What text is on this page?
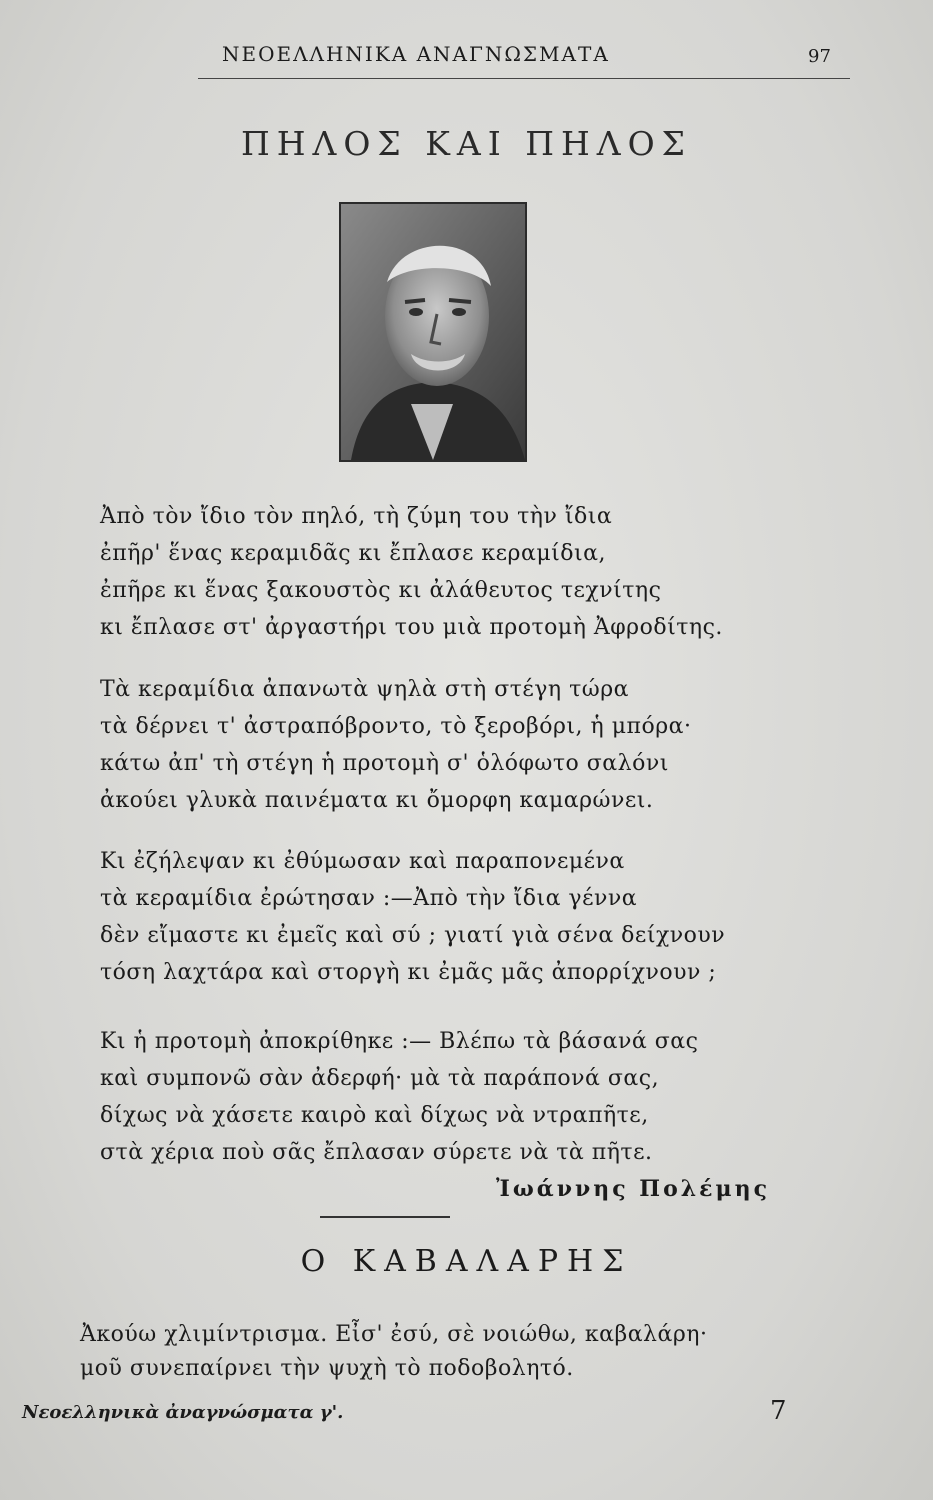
ΝΕΟΕΛΛΗΝΙΚΑ ΑΝΑΓΝΩΣΜΑΤΑ	97
ΠΗΛΟΣ ΚΑΙ ΠΗΛΟΣ
Ἀπὸ τὸν ἴδιο τὸν πηλό, τὴ ζύμη του τὴν ἴδια
ἐπῆρ' ἕνας κεραμιδᾶς κι ἔπλασε κεραμίδια,
ἐπῆρε κι ἕνας ξακουστὸς κι ἀλάθευτος τεχνίτης
κι ἔπλασε στ' ἀργαστήρι του μιὰ προτομὴ Ἀφροδίτης.
Τὰ κεραμίδια ἀπανωτὰ ψηλὰ στὴ στέγη τώρα
τὰ δέρνει τ' ἀστραπόβροντο, τὸ ξεροβόρι, ἡ μπόρα·
κάτω ἀπ' τὴ στέγη ἡ προτομὴ σ' ὁλόφωτο σαλόνι
ἀκούει γλυκὰ παινέματα κι ὄμορφη καμαρώνει.
Κι ἐζήλεψαν κι ἐθύμωσαν καὶ παραπονεμένα
τὰ κεραμίδια ἐρώτησαν :—Ἀπὸ τὴν ἴδια γέννα
δὲν εἴμαστε κι ἐμεῖς καὶ σύ ; γιατί γιὰ σένα δείχνουν
τόση λαχτάρα καὶ στοργὴ κι ἐμᾶς μᾶς ἀπορρίχνουν ;
Κι ἡ προτομὴ ἀποκρίθηκε :— Βλέπω τὰ βάσανά σας
καὶ συμπονῶ σὰν ἀδερφή· μὰ τὰ παράπονά σας,
δίχως νὰ χάσετε καιρὸ καὶ δίχως νὰ ντραπῆτε,
στὰ χέρια ποὺ σᾶς ἔπλασαν σύρετε νὰ τὰ πῆτε.
Ἰωάννης Πολέμης
Ο ΚΑΒΑΛΑΡΗΣ
Ἀκούω χλιμίντρισμα. Εἶσ' ἐσύ, σὲ νοιώθω, καβαλάρη·
μοῦ συνεπαίρνει τὴν ψυχὴ τὸ ποδοβολητό.
Νεοελληνικὰ ἀναγνώσματα γ'.	7
